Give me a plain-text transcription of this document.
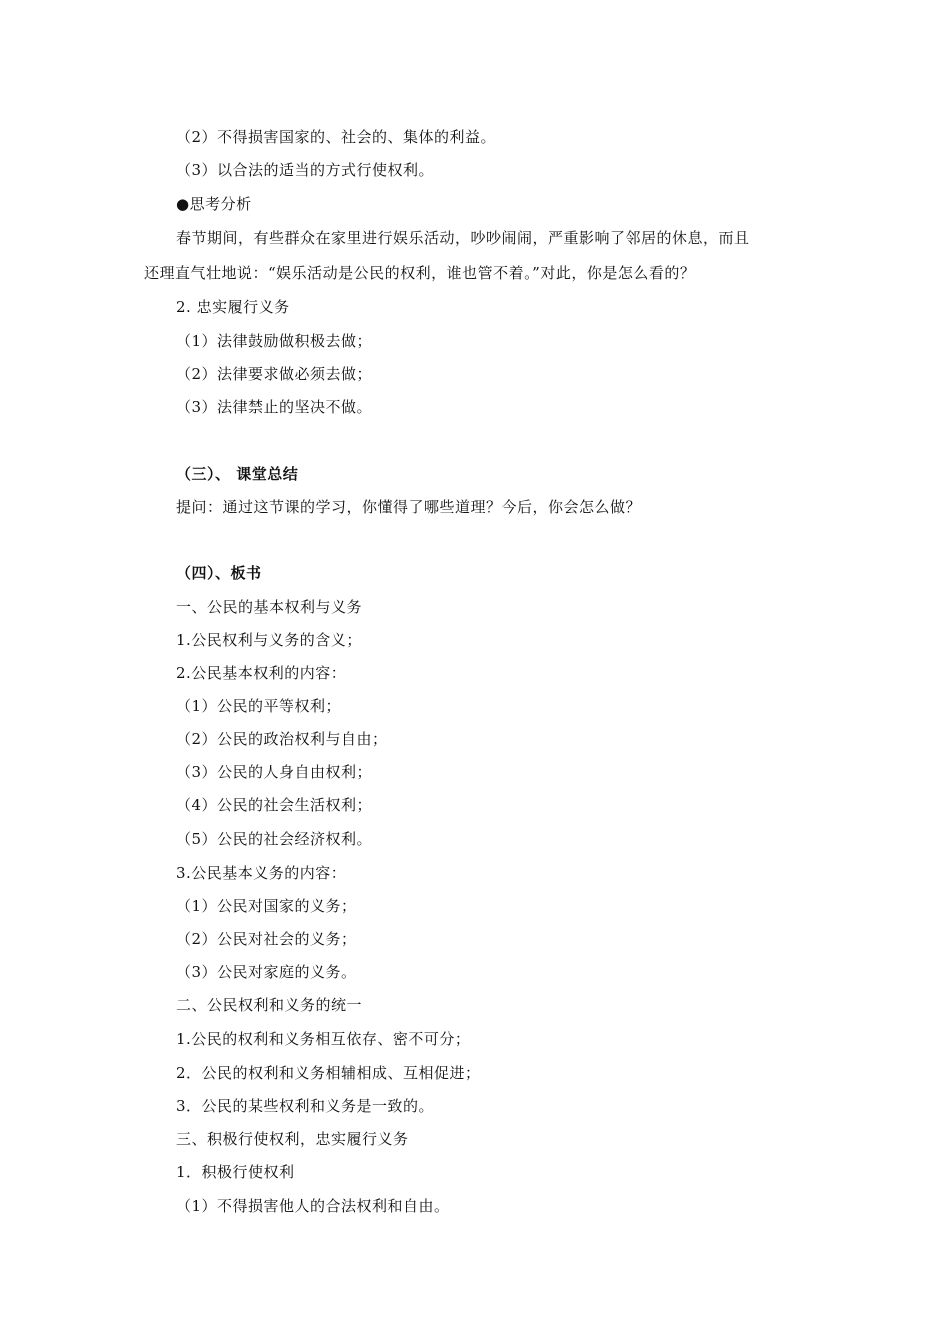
（2）不得损害国家的、社会的、集体的利益。
（3）以合法的适当的方式行使权利。
●思考分析
春节期间，有些群众在家里进行娱乐活动，吵吵闹闹，严重影响了邻居的休息，而且
还理直气壮地说：“娱乐活动是公民的权利，谁也管不着。”对此，你是怎么看的？
2. 忠实履行义务
（1）法律鼓励做积极去做；
（2）法律要求做必须去做；
（3）法律禁止的坚决不做。
（三）、 课堂总结
提问：通过这节课的学习，你懂得了哪些道理？今后，你会怎么做？
（四）、板书
一、公民的基本权利与义务
1.公民权利与义务的含义；
2.公民基本权利的内容：
（1）公民的平等权利；
（2）公民的政治权利与自由；
（3）公民的人身自由权利；
（4）公民的社会生活权利；
（5）公民的社会经济权利。
3.公民基本义务的内容：
（1）公民对国家的义务；
（2）公民对社会的义务；
（3）公民对家庭的义务。
二、公民权利和义务的统一
1.公民的权利和义务相互依存、密不可分；
2．公民的权利和义务相辅相成、互相促进；
3．公民的某些权利和义务是一致的。
三、积极行使权利，忠实履行义务
1．积极行使权利
（1）不得损害他人的合法权利和自由。
